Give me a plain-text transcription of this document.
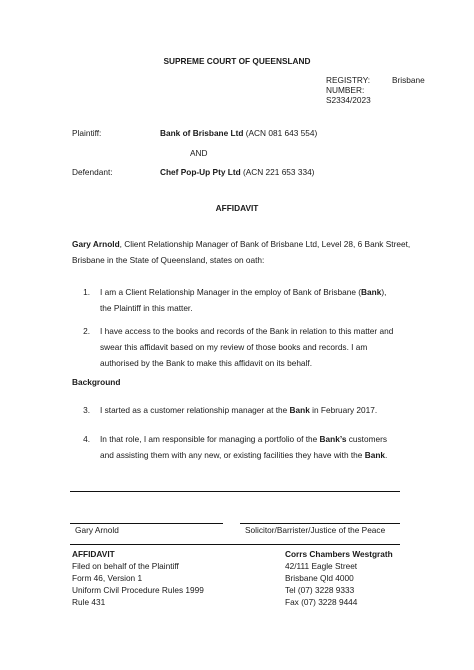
SUPREME COURT OF QUEENSLAND
REGISTRY:	Brisbane
NUMBER:
S2334/2023
Plaintiff:	Bank of Brisbane Ltd (ACN 081 643 554)
AND
Defendant:	Chef Pop-Up Pty Ltd (ACN 221 653 334)
AFFIDAVIT
Gary Arnold, Client Relationship Manager of Bank of Brisbane Ltd, Level 28, 6 Bank Street, Brisbane in the State of Queensland, states on oath:
1. I am a Client Relationship Manager in the employ of Bank of Brisbane (Bank), the Plaintiff in this matter.
2. I have access to the books and records of the Bank in relation to this matter and swear this affidavit based on my review of those books and records. I am authorised by the Bank to make this affidavit on its behalf.
Background
3. I started as a customer relationship manager at the Bank in February 2017.
4. In that role, I am responsible for managing a portfolio of the Bank’s customers and assisting them with any new, or existing facilities they have with the Bank.
Gary Arnold	Solicitor/Barrister/Justice of the Peace
AFFIDAVIT
Filed on behalf of the Plaintiff
Form 46, Version 1
Uniform Civil Procedure Rules 1999
Rule 431
Corrs Chambers Westgrath
42/111 Eagle Street
Brisbane Qld 4000
Tel (07) 3228 9333
Fax (07) 3228 9444
